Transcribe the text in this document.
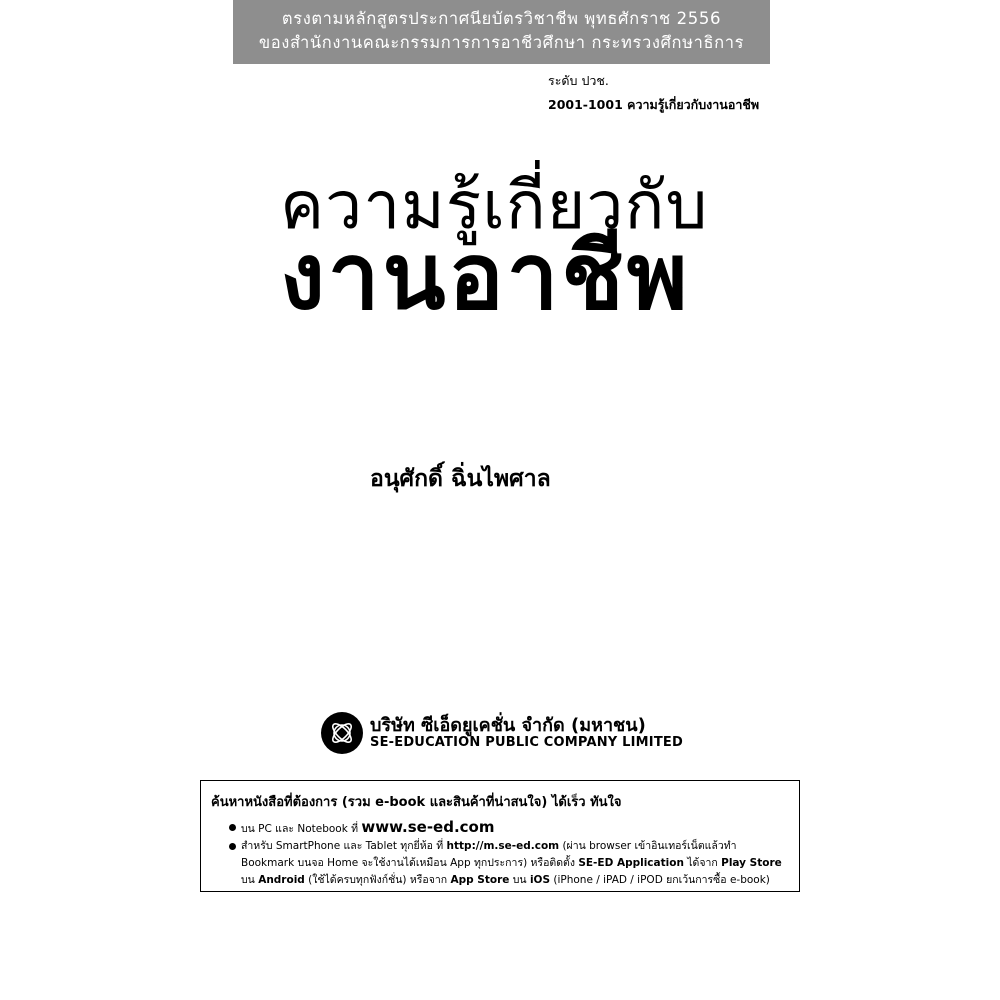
ตรงตามหลักสูตรประกาศนียบัตรวิชาชีพ พุทธศักราช 2556
ของสำนักงานคณะกรรมการการอาชีวศึกษา กระทรวงศึกษาธิการ
ระดับ ปวช.
2001-1001 ความรู้เกี่ยวกับงานอาชีพ
ความรู้เกี่ยวกับ
งานอาชีพ
อนุศักดิ์ ฉิ่นไพศาล
บริษัท ซีเอ็ดยูเคชั่น จำกัด (มหาชน)
SE-EDUCATION PUBLIC COMPANY LIMITED
ค้นหาหนังสือที่ต้องการ (รวม e-book และสินค้าที่น่าสนใจ) ได้เร็ว ทันใจ
บน PC และ Notebook ที่ www.se-ed.com
สำหรับ SmartPhone และ Tablet ทุกยี่ห้อ ที่ http://m.se-ed.com (ผ่าน browser เข้าอินเทอร์เน็ตแล้วทำ
Bookmark บนจอ Home จะใช้งานได้เหมือน App ทุกประการ) หรือติดตั้ง SE-ED Application ได้จาก Play Store
บน Android (ใช้ได้ครบทุกฟังก์ชั่น) หรือจาก App Store บน iOS (iPhone / iPAD / iPOD ยกเว้นการซื้อ e-book)
